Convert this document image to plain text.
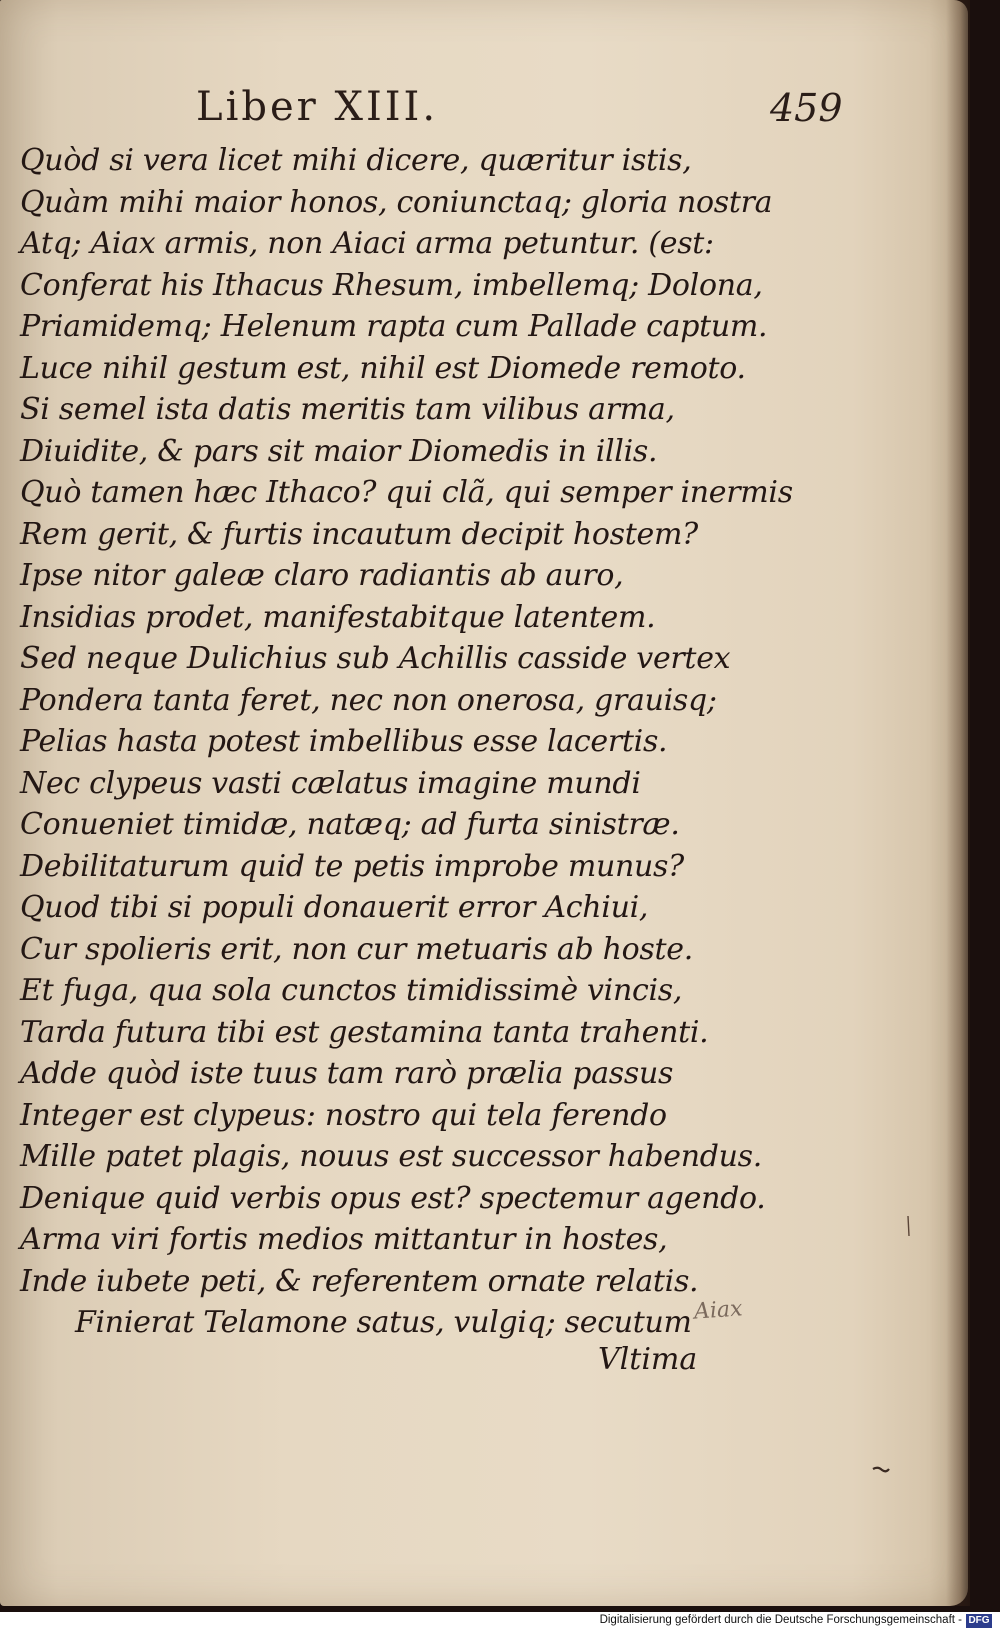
Liber XIII.	459
Quòd si vera licet mihi dicere, quæritur istis,
Quàm mihi maior honos, coniunctaq; gloria nostra
Atq; Aiax armis, non Aiaci arma petuntur. (est:
Conferat his Ithacus Rhesum, imbellemq; Dolona,
Priamidemq; Helenum rapta cum Pallade captum.
Luce nihil gestum est, nihil est Diomede remoto.
Si semel ista datis meritis tam vilibus arma,
Diuidite, & pars sit maior Diomedis in illis.
Quò tamen hæc Ithaco? qui clã, qui semper inermis
Rem gerit, & furtis incautum decipit hostem?
Ipse nitor galeæ claro radiantis ab auro,
Insidias prodet, manifestabitque latentem.
Sed neque Dulichius sub Achillis casside vertex
Pondera tanta feret, nec non onerosa, grauisq;
Pelias hasta potest imbellibus esse lacertis.
Nec clypeus vasti cælatus imagine mundi
Conueniet timidæ, natæq; ad furta sinistræ.
Debilitaturum quid te petis improbe munus?
Quod tibi si populi donauerit error Achiui,
Cur spolieris erit, non cur metuaris ab hoste.
Et fuga, qua sola cunctos timidissimè vincis,
Tarda futura tibi est gestamina tanta trahenti.
Adde quòd iste tuus tam rarò prælia passus
Integer est clypeus: nostro qui tela ferendo
Mille patet plagis, nouus est successor habendus.
Denique quid verbis opus est? spectemur agendo.
Arma viri fortis medios mittantur in hostes,
Inde iubete peti, & referentem ornate relatis.
Finierat Telamone satus, vulgiq; secutum Aiax
Vltima
Digitalisierung gefördert durch die Deutsche Forschungsgemeinschaft - DFG
